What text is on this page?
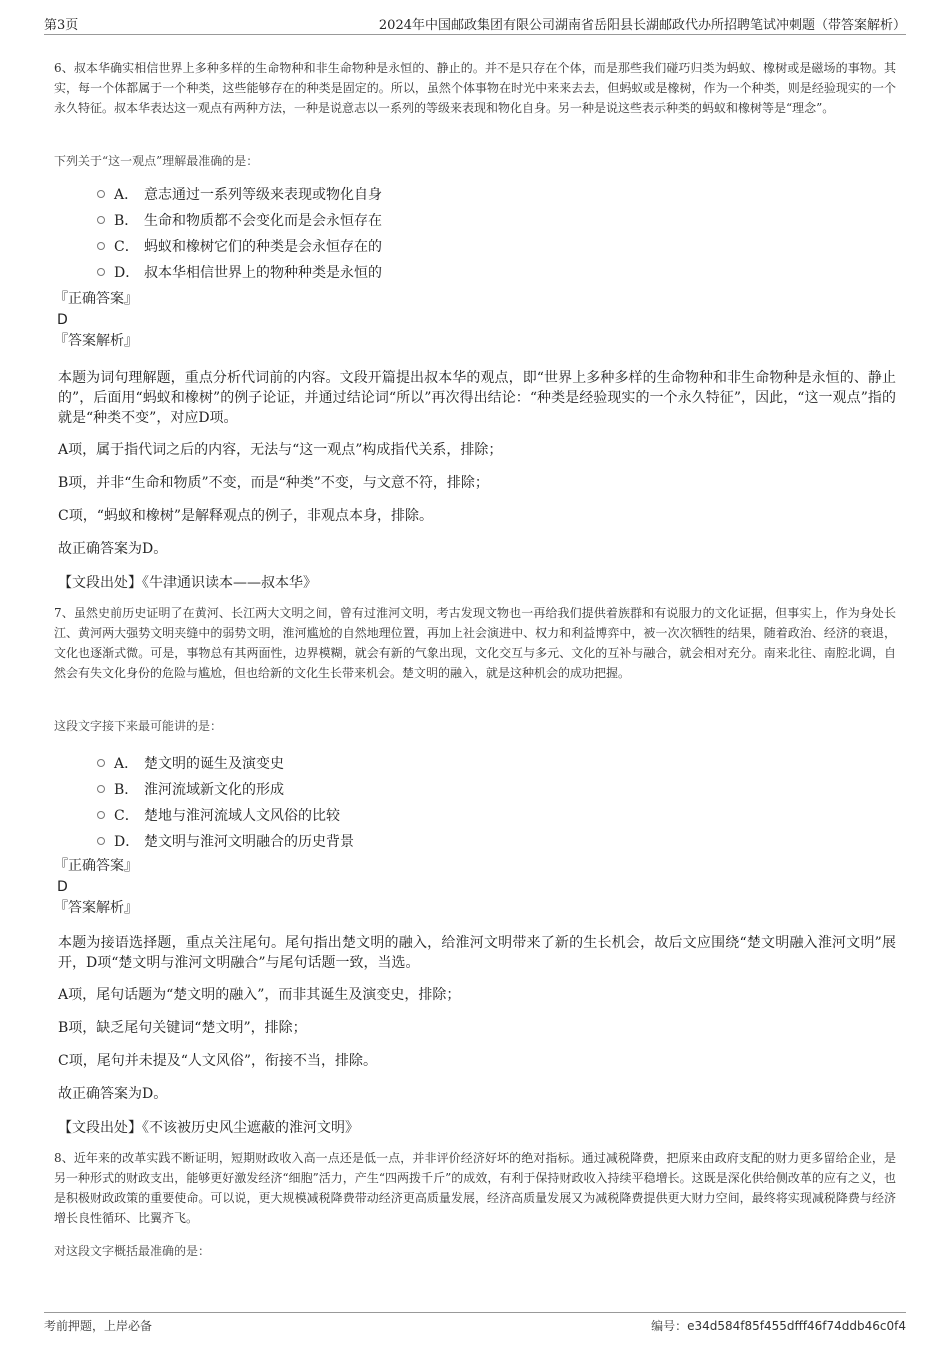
第3页	2024年中国邮政集团有限公司湖南省岳阳县长湖邮政代办所招聘笔试冲刺题（带答案解析）

6、叔本华确实相信世界上多种多样的生命物种和非生命物种是永恒的、静止的。并不是只存在个体，而是那些我们碰巧归类为蚂蚁、橡树或是磁场的事物。其实，每一个体都属于一个种类，这些能够存在的种类是固定的。所以，虽然个体事物在时光中来来去去，但蚂蚁或是橡树，作为一个种类，则是经验现实的一个永久特征。叔本华表达这一观点有两种方法，一种是说意志以一系列的等级来表现和物化自身。另一种是说这些表示种类的蚂蚁和橡树等是“理念”。

下列关于“这一观点”理解最准确的是：

A． 意志通过一系列等级来表现或物化自身
B． 生命和物质都不会变化而是会永恒存在
C． 蚂蚁和橡树它们的种类是会永恒存在的
D． 叔本华相信世界上的物种种类是永恒的

『正确答案』

D

『答案解析』

本题为词句理解题，重点分析代词前的内容。文段开篇提出叔本华的观点，即“世界上多种多样的生命物种和非生命物种是永恒的、静止的”，后面用“蚂蚁和橡树”的例子论证，并通过结论词“所以”再次得出结论：“种类是经验现实的一个永久特征”，因此，“这一观点”指的就是“种类不变”，对应D项。

A项，属于指代词之后的内容，无法与“这一观点”构成指代关系，排除；

B项，并非“生命和物质”不变，而是“种类”不变，与文意不符，排除；

C项，“蚂蚁和橡树”是解释观点的例子，非观点本身，排除。

故正确答案为D。

【文段出处】《牛津通识读本——叔本华》

7、虽然史前历史证明了在黄河、长江两大文明之间，曾有过淮河文明，考古发现文物也一再给我们提供着族群和有说服力的文化证据，但事实上，作为身处长江、黄河两大强势文明夹缝中的弱势文明，淮河尴尬的自然地理位置，再加上社会演进中、权力和利益博弈中，被一次次牺牲的结果，随着政治、经济的衰退，文化也逐渐式微。可是，事物总有其两面性，边界模糊，就会有新的气象出现，文化交互与多元、文化的互补与融合，就会相对充分。南来北往、南腔北调，自然会有失文化身份的危险与尴尬，但也给新的文化生长带来机会。楚文明的融入，就是这种机会的成功把握。

这段文字接下来最可能讲的是：

A． 楚文明的诞生及演变史
B． 淮河流域新文化的形成
C． 楚地与淮河流域人文风俗的比较
D． 楚文明与淮河文明融合的历史背景

『正确答案』

D

『答案解析』

本题为接语选择题，重点关注尾句。尾句指出楚文明的融入，给淮河文明带来了新的生长机会，故后文应围绕“楚文明融入淮河文明”展开，D项“楚文明与淮河文明融合”与尾句话题一致，当选。

A项，尾句话题为“楚文明的融入”，而非其诞生及演变史，排除；

B项，缺乏尾句关键词“楚文明”，排除；

C项，尾句并未提及“人文风俗”，衔接不当，排除。

故正确答案为D。

【文段出处】《不该被历史风尘遮蔽的淮河文明》

8、近年来的改革实践不断证明，短期财政收入高一点还是低一点，并非评价经济好坏的绝对指标。通过减税降费，把原来由政府支配的财力更多留给企业，是另一种形式的财政支出，能够更好激发经济“细胞”活力，产生“四两拨千斤”的成效，有利于保持财政收入持续平稳增长。这既是深化供给侧改革的应有之义，也是积极财政政策的重要使命。可以说，更大规模减税降费带动经济更高质量发展，经济高质量发展又为减税降费提供更大财力空间，最终将实现减税降费与经济增长良性循环、比翼齐飞。

对这段文字概括最准确的是：

考前押题，上岸必备	编号：e34d584f85f455dfff46f74ddb46c0f4
